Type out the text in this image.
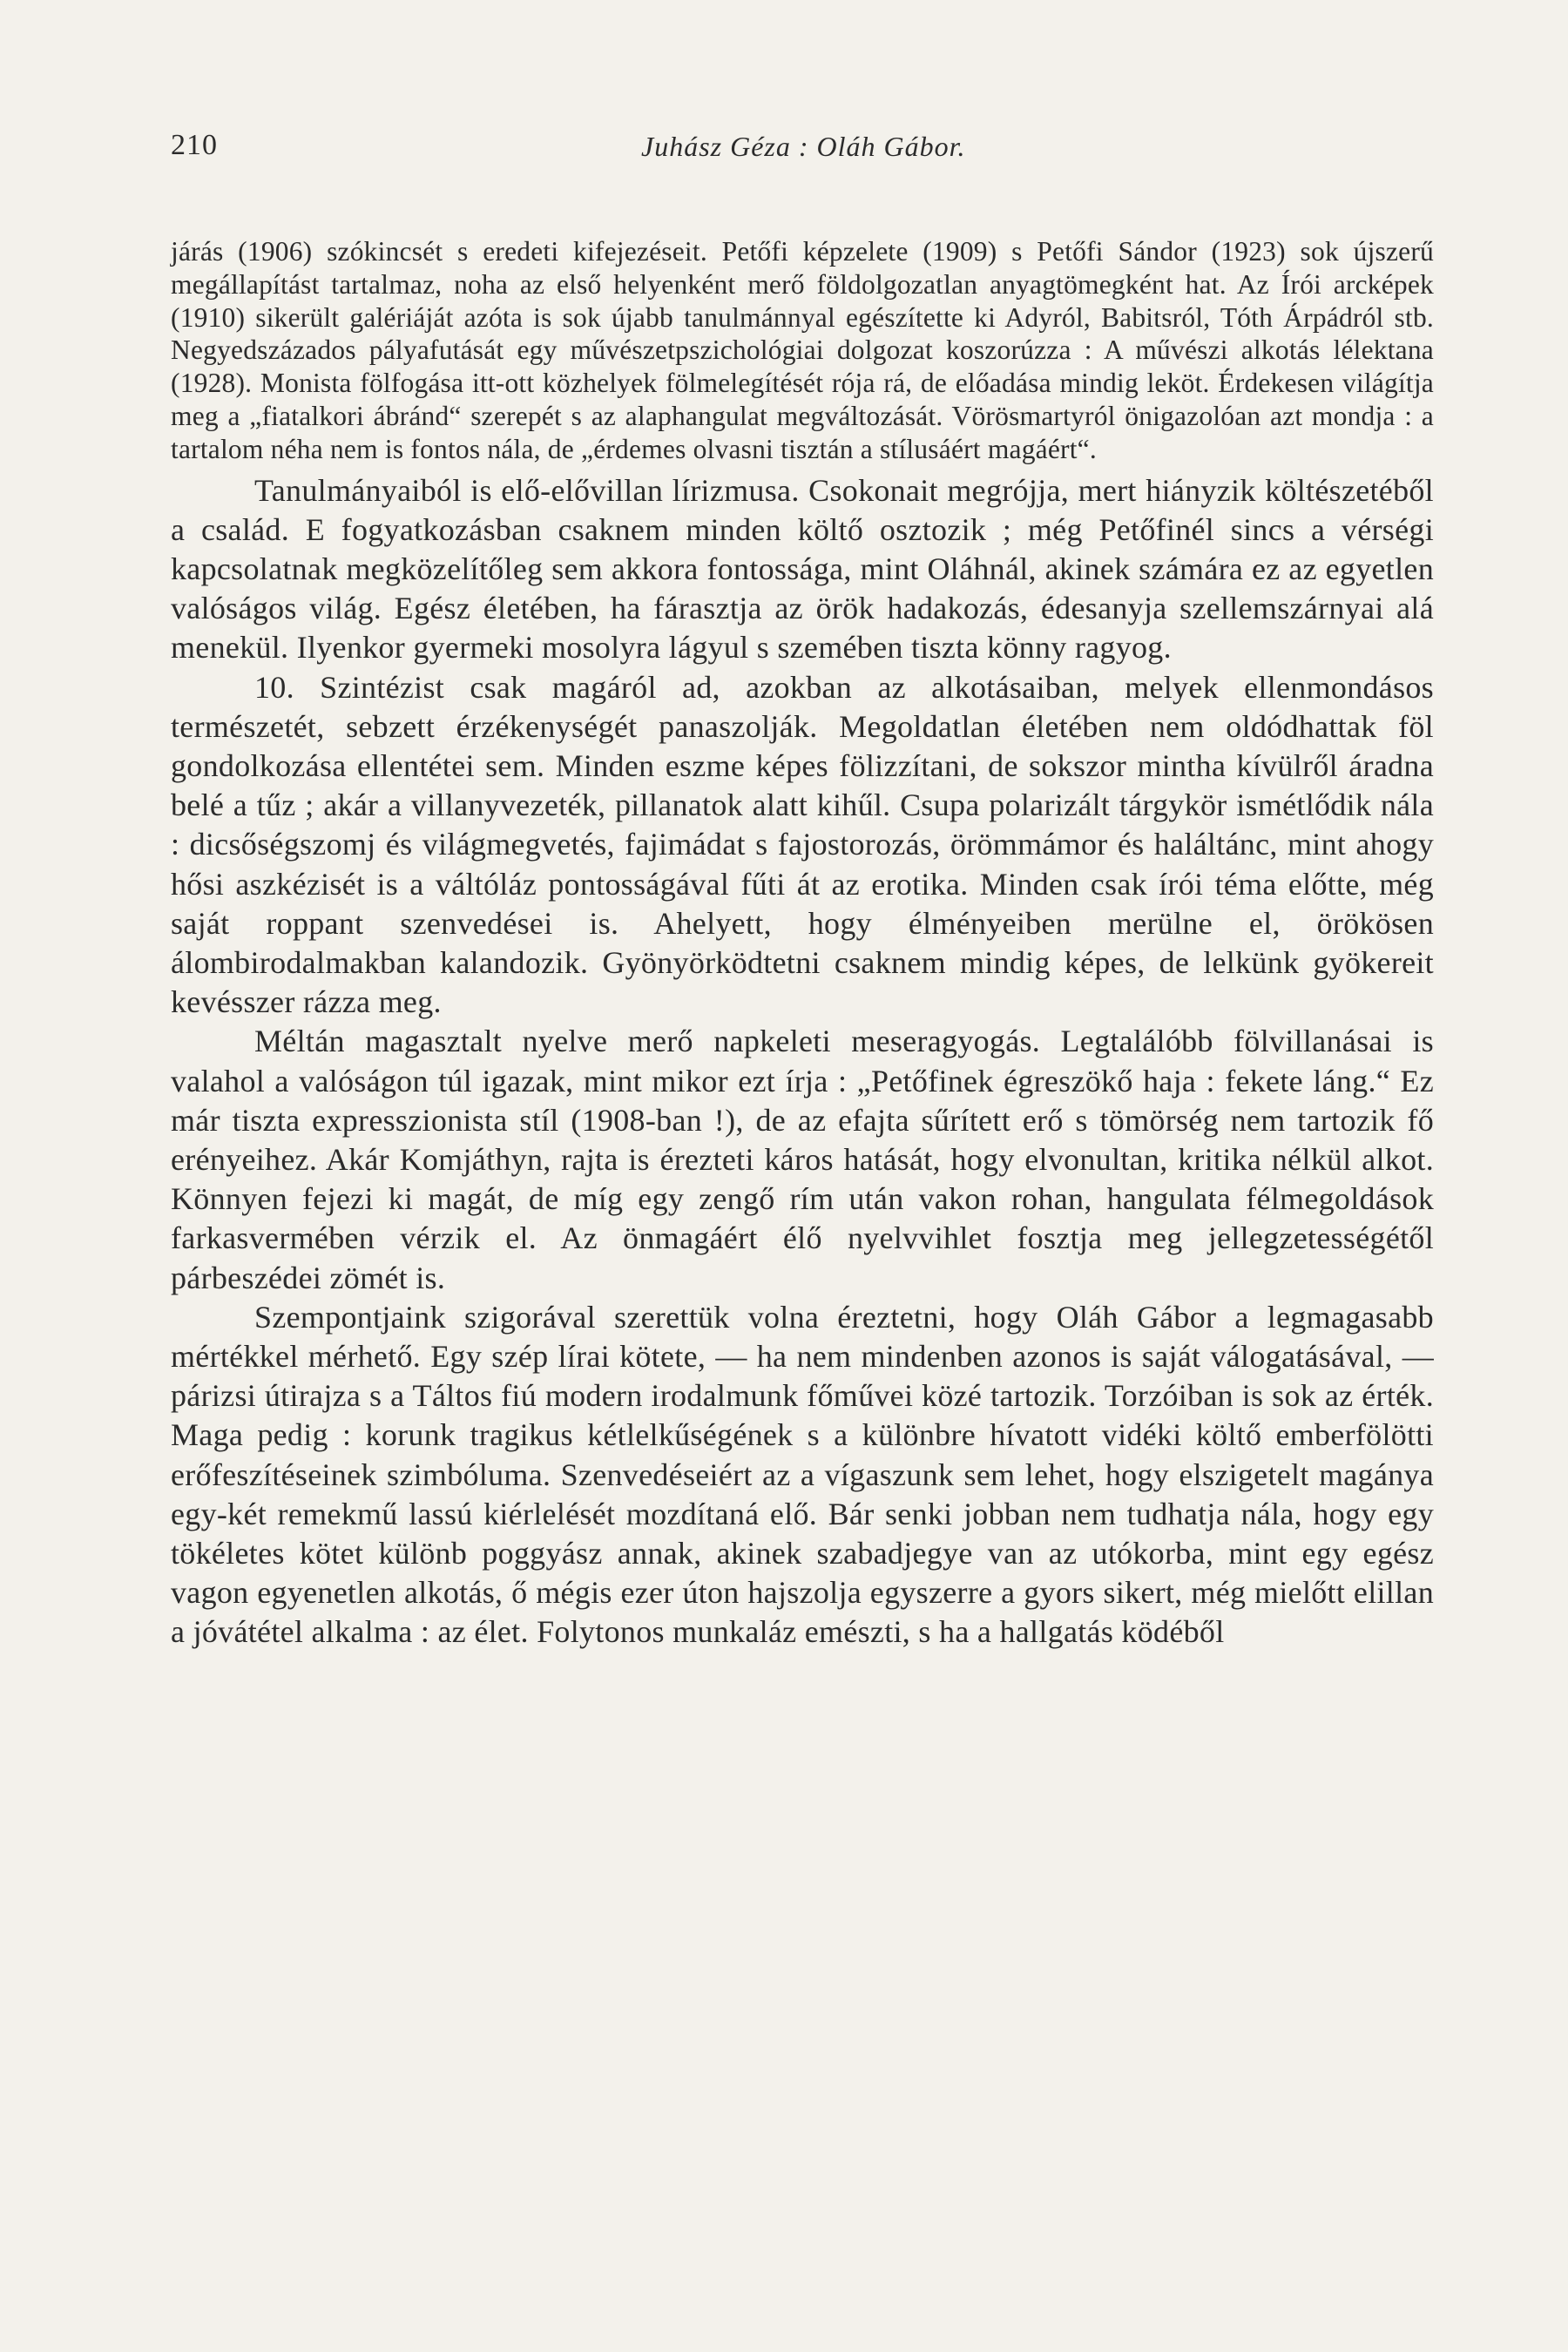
210	Juhász Géza : Oláh Gábor.

járás (1906) szókincsét s eredeti kifejezéseit. Petőfi képzelete (1909) s Petőfi Sándor (1923) sok újszerű megállapítást tartalmaz, noha az első helyenként merő földolgozatlan anyagtömegként hat. Az Írói arcképek (1910) sikerült galériáját azóta is sok újabb tanulmánnyal egészítette ki Adyról, Babitsról, Tóth Árpádról stb. Negyedszázados pályafutását egy művészetpszichológiai dolgozat koszorúzza : A művészi alkotás lélektana (1928). Monista fölfogása itt-ott közhelyek fölmelegítését rója rá, de előadása mindig leköt. Érdekesen világítja meg a „fiatalkori ábránd“ szerepét s az alaphangulat megváltozását. Vörösmartyról önigazolóan azt mondja : a tartalom néha nem is fontos nála, de „érdemes olvasni tisztán a stílusáért magáért“.

Tanulmányaiból is elő-elővillan lírizmusa. Csokonait megrójja, mert hiányzik költészetéből a család. E fogyatkozásban csaknem minden költő osztozik ; még Petőfinél sincs a vérségi kapcsolatnak megközelítőleg sem akkora fontossága, mint Oláhnál, akinek számára ez az egyetlen valóságos világ. Egész életében, ha fárasztja az örök hadakozás, édesanyja szellemszárnyai alá menekül. Ilyenkor gyermeki mosolyra lágyul s szemében tiszta könny ragyog.

10. Szintézist csak magáról ad, azokban az alkotásaiban, melyek ellenmondásos természetét, sebzett érzékenységét panaszolják. Megoldatlan életében nem oldódhattak föl gondolkozása ellentétei sem. Minden eszme képes fölizzítani, de sokszor mintha kívülről áradna belé a tűz ; akár a villanyvezeték, pillanatok alatt kihűl. Csupa polarizált tárgykör ismétlődik nála : dicsőségszomj és világmegvetés, fajimádat s fajostorozás, örömmámor és haláltánc, mint ahogy hősi aszkézisét is a váltóláz pontosságával fűti át az erotika. Minden csak írói téma előtte, még saját roppant szenvedései is. Ahelyett, hogy élményeiben merülne el, örökösen álombirodalmakban kalandozik. Gyönyörködtetni csaknem mindig képes, de lelkünk gyökereit kevésszer rázza meg.

Méltán magasztalt nyelve merő napkeleti meseragyogás. Legtalálóbb fölvillanásai is valahol a valóságon túl igazak, mint mikor ezt írja : „Petőfinek égreszökő haja : fekete láng.“ Ez már tiszta expresszionista stíl (1908-ban !), de az efajta sűrített erő s tömörség nem tartozik fő erényeihez. Akár Komjáthyn, rajta is érezteti káros hatását, hogy elvonultan, kritika nélkül alkot. Könnyen fejezi ki magát, de míg egy zengő rím után vakon rohan, hangulata félmegoldások farkasvermében vérzik el. Az önmagáért élő nyelvvihlet fosztja meg jellegzetességétől párbeszédei zömét is.

Szempontjaink szigorával szerettük volna éreztetni, hogy Oláh Gábor a legmagasabb mértékkel mérhető. Egy szép lírai kötete, — ha nem mindenben azonos is saját válogatásával, — párizsi útirajza s a Táltos fiú modern irodalmunk főművei közé tartozik. Torzóiban is sok az érték. Maga pedig : korunk tragikus kétlelkűségének s a különbre hívatott vidéki költő emberfölötti erőfeszítéseinek szimbóluma. Szenvedéseiért az a vígaszunk sem lehet, hogy elszigetelt magánya egy-két remekmű lassú kiérlelését mozdítaná elő. Bár senki jobban nem tudhatja nála, hogy egy tökéletes kötet különb poggyász annak, akinek szabadjegye van az utókorba, mint egy egész vagon egyenetlen alkotás, ő mégis ezer úton hajszolja egyszerre a gyors sikert, még mielőtt elillan a jóvátétel alkalma : az élet. Folytonos munkaláz emészti, s ha a hallgatás ködéből
